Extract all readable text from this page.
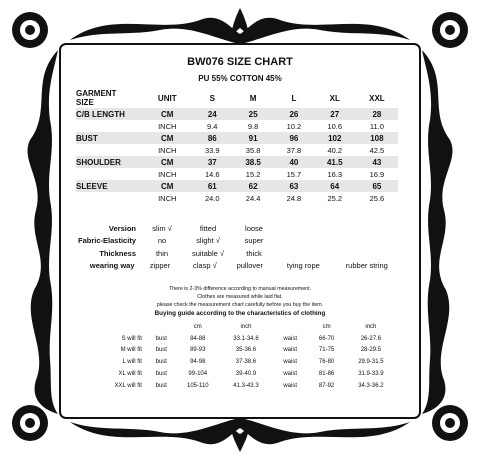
BW076 SIZE CHART
PU 55% COTTON 45%
GARMENT
SIZE	UNIT	S	M	L	XL	XXL
C/B LENGTH	CM	24	25	26	27	28
	INCH	9.4	9.8	10.2	10.6	11.0
BUST	CM	86	91	96	102	108
	INCH	33.9	35.8	37.8	40.2	42.5
SHOULDER	CM	37	38.5	40	41.5	43
	INCH	14.6	15.2	15.7	16.3	16.9
SLEEVE	CM	61	62	63	64	65
	INCH	24.0	24.4	24.8	25.2	25.6
Version	slim √	fitted	loose
Fabric-Elasticity	no	slight √	super
Thickness	thin	suitable √	thick
wearing way	zipper	clasp √	pullover	tying rope	rubber string
There is 2-3% difference according to manual measurement.
Clothes are measured while laid flat.
please check the measurement chart carefully before you buy the item.
Buying guide according to the characteristics of clothing
		cm	inch		cm	inch
S will fit	bust	84-88	33.1-34.6	waist	66-70	26-27.6
M will fit	bust	89-93	35-36.6	waist	71-75	28-29.5
L will fit	bust	94-98	37-38.6	waist	76-80	29.9-31.5
XL will fit	bust	99-104	39-40.9	waist	81-86	31.9-33.9
XXL will fit	bust	105-110	41.3-43.3	waist	87-92	34.3-36.2
